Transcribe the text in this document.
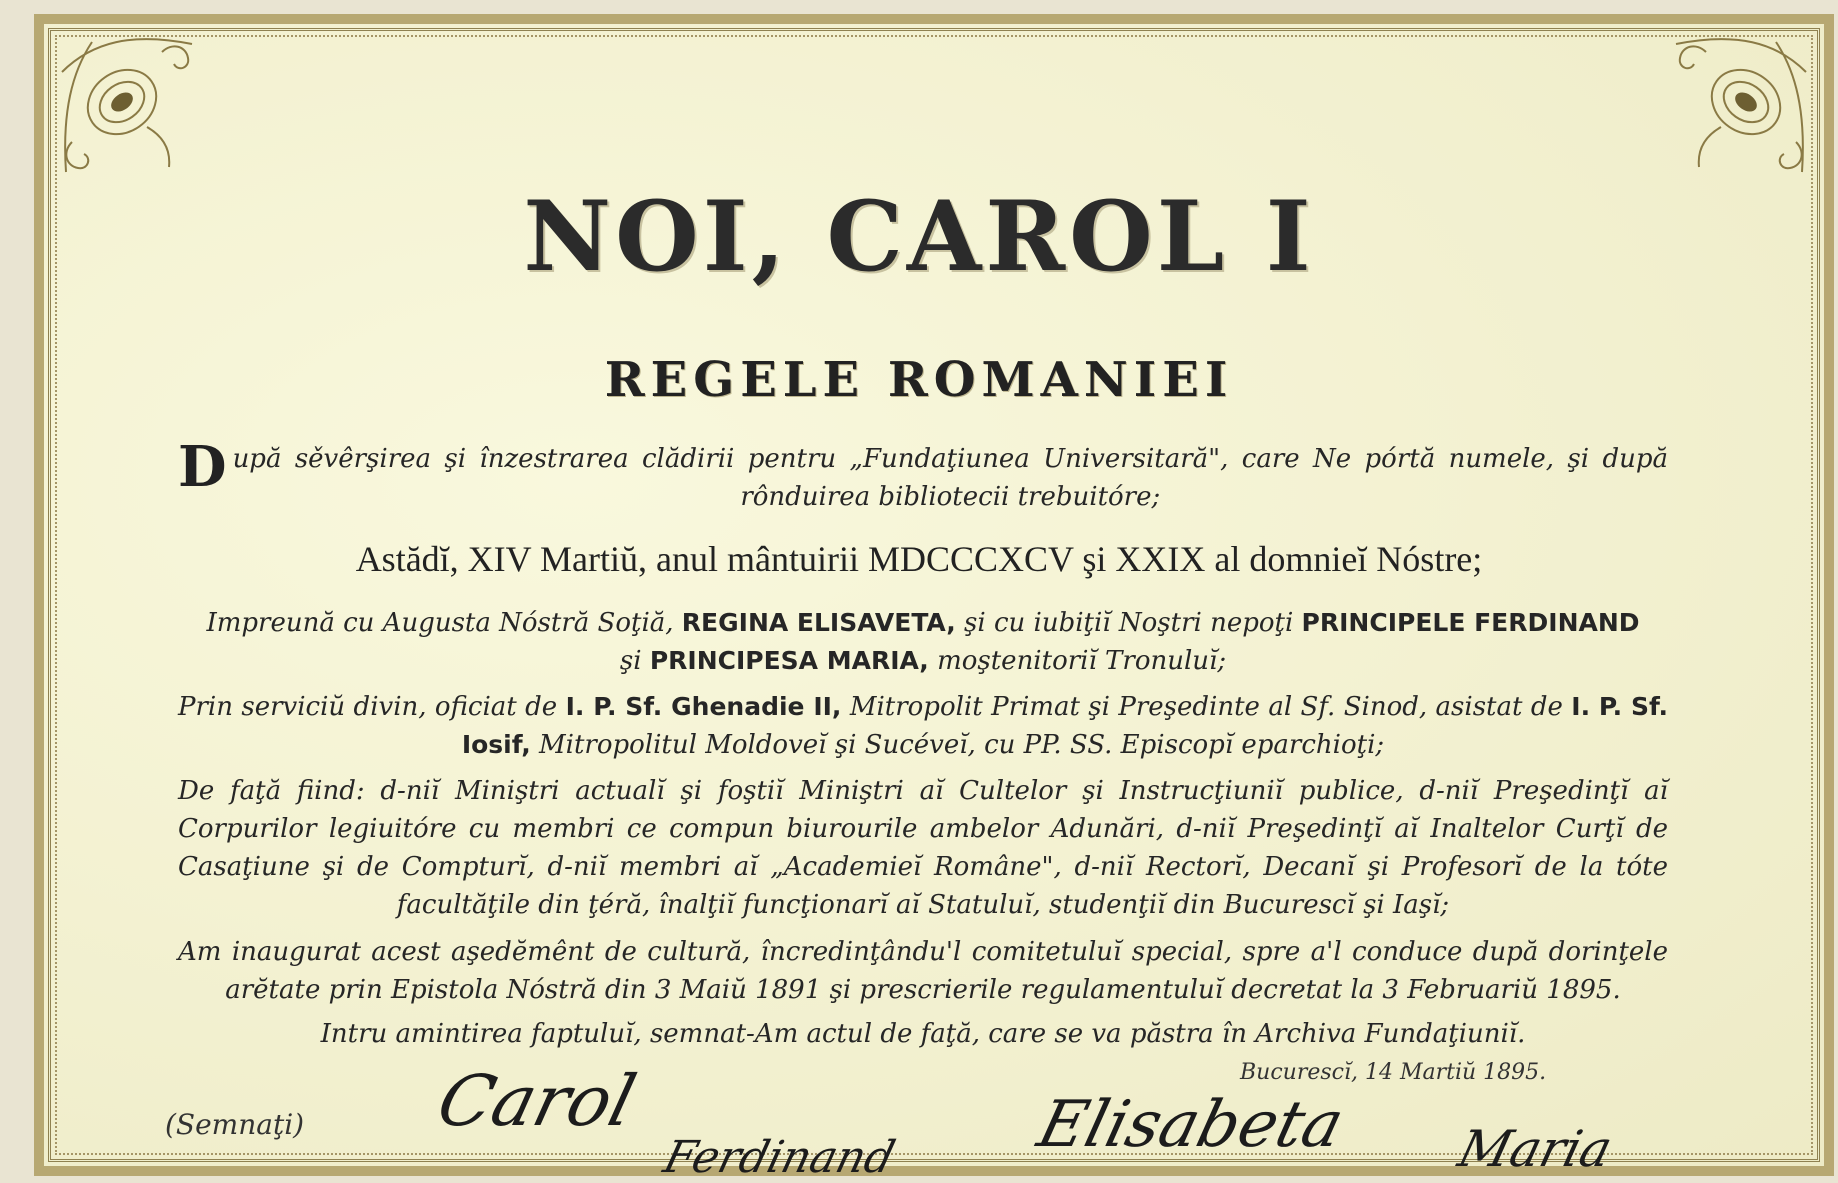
NOI, CAROL I
REGELE ROMANIEI
După sěvêrşirea şi înzestrarea clădirii pentru „Fundaţiunea Universitară", care Ne pórtă numele, şi după rônduirea bibliotecii trebuitóre;
Astădĭ, XIV Martiŭ, anul mântuirii MDCCCXCV şi XXIX al domnieĭ Nóstre;
Impreună cu Augusta Nóstră Soţiă, REGINA ELISAVETA, şi cu iubiţiĭ Noştri nepoţi PRINCIPELE FERDINAND
şi PRINCIPESA MARIA, moştenitoriĭ Tronuluĭ;
Prin serviciŭ divin, oficiat de I. P. Sf. Ghenadie II, Mitropolit Primat şi Preşedinte al Sf. Sinod, asistat de I. P. Sf. Iosif, Mitropolitul Moldoveĭ şi Sucéveĭ, cu PP. SS. Episcopĭ eparchioţi;
De faţă fiind: d-niĭ Miniştri actualĭ şi foştiĭ Miniştri aĭ Cultelor şi Instrucţiuniĭ publice, d-niĭ Preşedinţĭ aĭ Corpurilor legiuitóre cu membri ce compun biurourile ambelor Adunări, d-niĭ Preşedinţĭ aĭ Inaltelor Curţĭ de Casaţiune şi de Compturĭ, d-niĭ membri aĭ „Academieĭ Române", d-niĭ Rectorĭ, Decanĭ şi Profesorĭ de la tóte facultăţile din ţéră, înalţiĭ funcţionarĭ aĭ Statuluĭ, studenţiĭ din Bucurescĭ şi Iaşĭ;
Am inaugurat acest aşedĕmênt de cultură, încredinţându'l comitetuluĭ special, spre a'l conduce după dorinţele arĕtate prin Epistola Nóstră din 3 Maiŭ 1891 şi prescrierile regulamentuluĭ decretat la 3 Februariŭ 1895.
Intru amintirea faptuluĭ, semnat-Am actul de faţă, care se va păstra în Archiva Fundaţiuniĭ.
Bucurescĭ, 14 Martiŭ 1895.
(Semnaţi) Carol
Ferdinand Elisabeta Maria
